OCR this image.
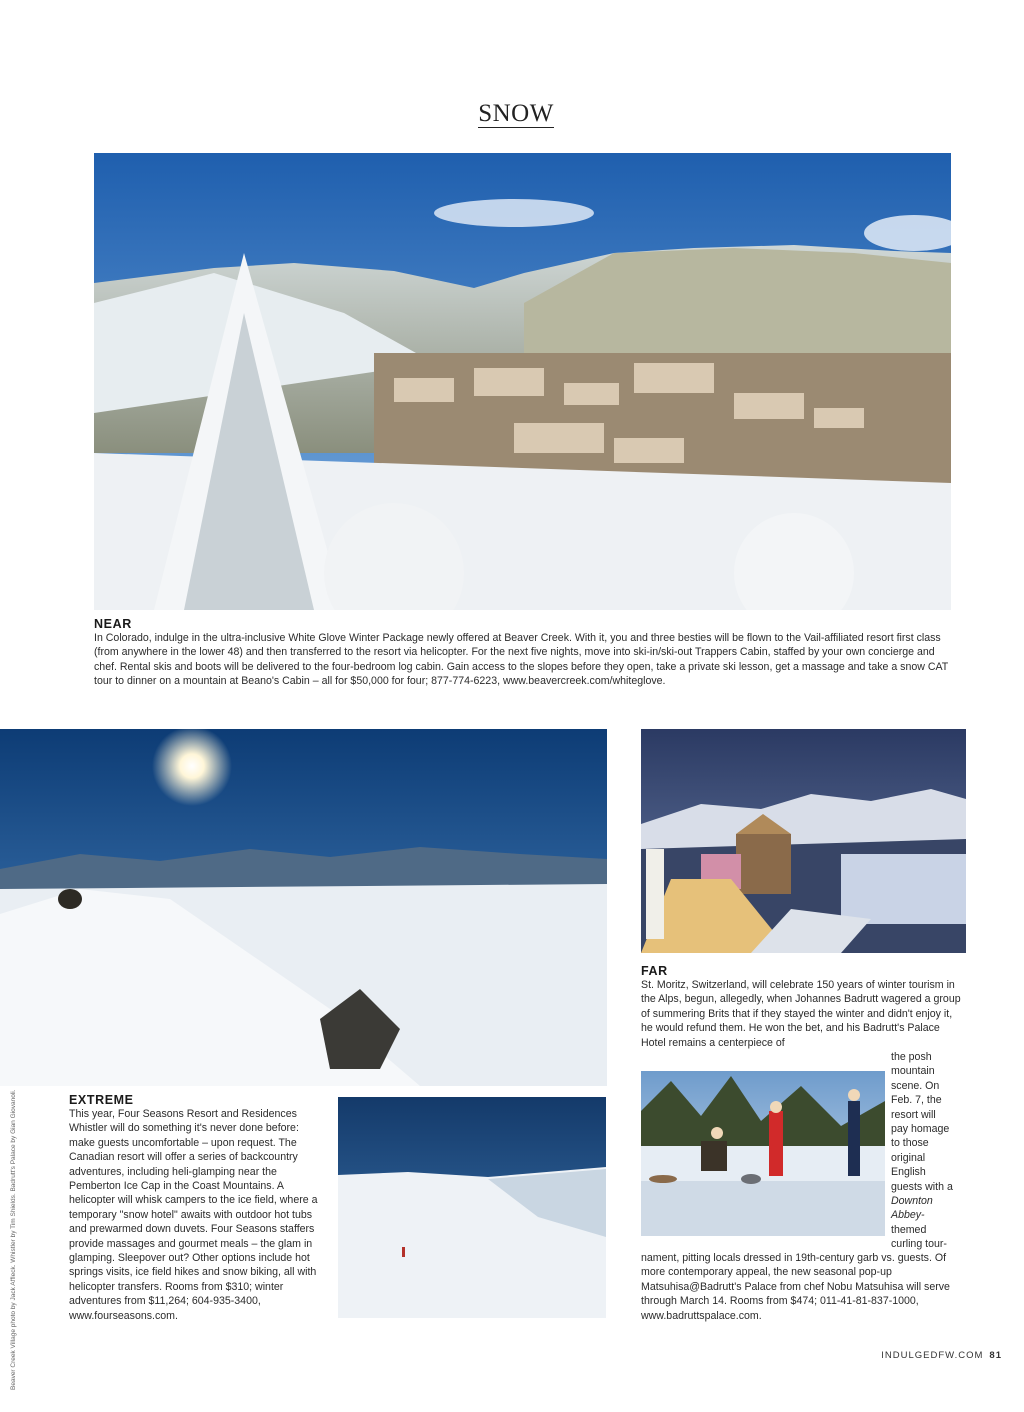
SNOW
NEAR

In Colorado, indulge in the ultra-inclusive White Glove Winter Package newly offered at Beaver Creek. With it, you and three besties will be flown to the Vail-affiliated resort first class (from anywhere in the lower 48) and then transferred to the resort via helicopter. For the next five nights, move into ski-in/ski-out Trappers Cabin, staffed by your own concierge and chef. Rental skis and boots will be delivered to the four-bedroom log cabin. Gain access to the slopes before they open, take a private ski lesson, get a massage and take a snow CAT tour to dinner on a mountain at Beano's Cabin – all for $50,000 for four; 877-774-6223, www.beavercreek.com/whiteglove.

EXTREME

This year, Four Seasons Resort and Residences Whistler will do something it's never done before: make guests uncomfortable – upon request. The Canadian resort will offer a series of backcountry adventures, including heli-glamping near the Pemberton Ice Cap in the Coast Mountains. A helicopter will whisk campers to the ice field, where a temporary "snow hotel" awaits with outdoor hot tubs and prewarmed down duvets. Four Seasons staffers provide massages and gourmet meals – the glam in glamping. Sleepover out? Other options include hot springs visits, ice field hikes and snow biking, all with helicopter transfers. Rooms from $310; winter adventures from $11,264; 604-935-3400, www.fourseasons.com.

FAR

St. Moritz, Switzerland, will celebrate 150 years of winter tourism in the Alps, begun, allegedly, when Johannes Badrutt wagered a group of summering Brits that if they stayed the winter and didn't enjoy it, he would refund them. He won the bet, and his Badrutt's Palace Hotel remains a centerpiece of

the posh
mountain
scene. On
Feb. 7, the
resort will
pay homage
to those
original
English
guests with a
Downton
Abbey-
themed
curling tour-

nament, pitting locals dressed in 19th-century garb vs. guests. Of more contemporary appeal, the new seasonal pop-up Matsuhisa@Badrutt's Palace from chef Nobu Matsuhisa will serve through March 14. Rooms from $474; 011-41-81-837-1000, www.badruttspalace.com.

Beaver Creek Village photo by Jack Affleck. Whistler by Tim Shields. Badrutt's Palace by Gian Giovanoli.	INDULGEDFW.COM 81
